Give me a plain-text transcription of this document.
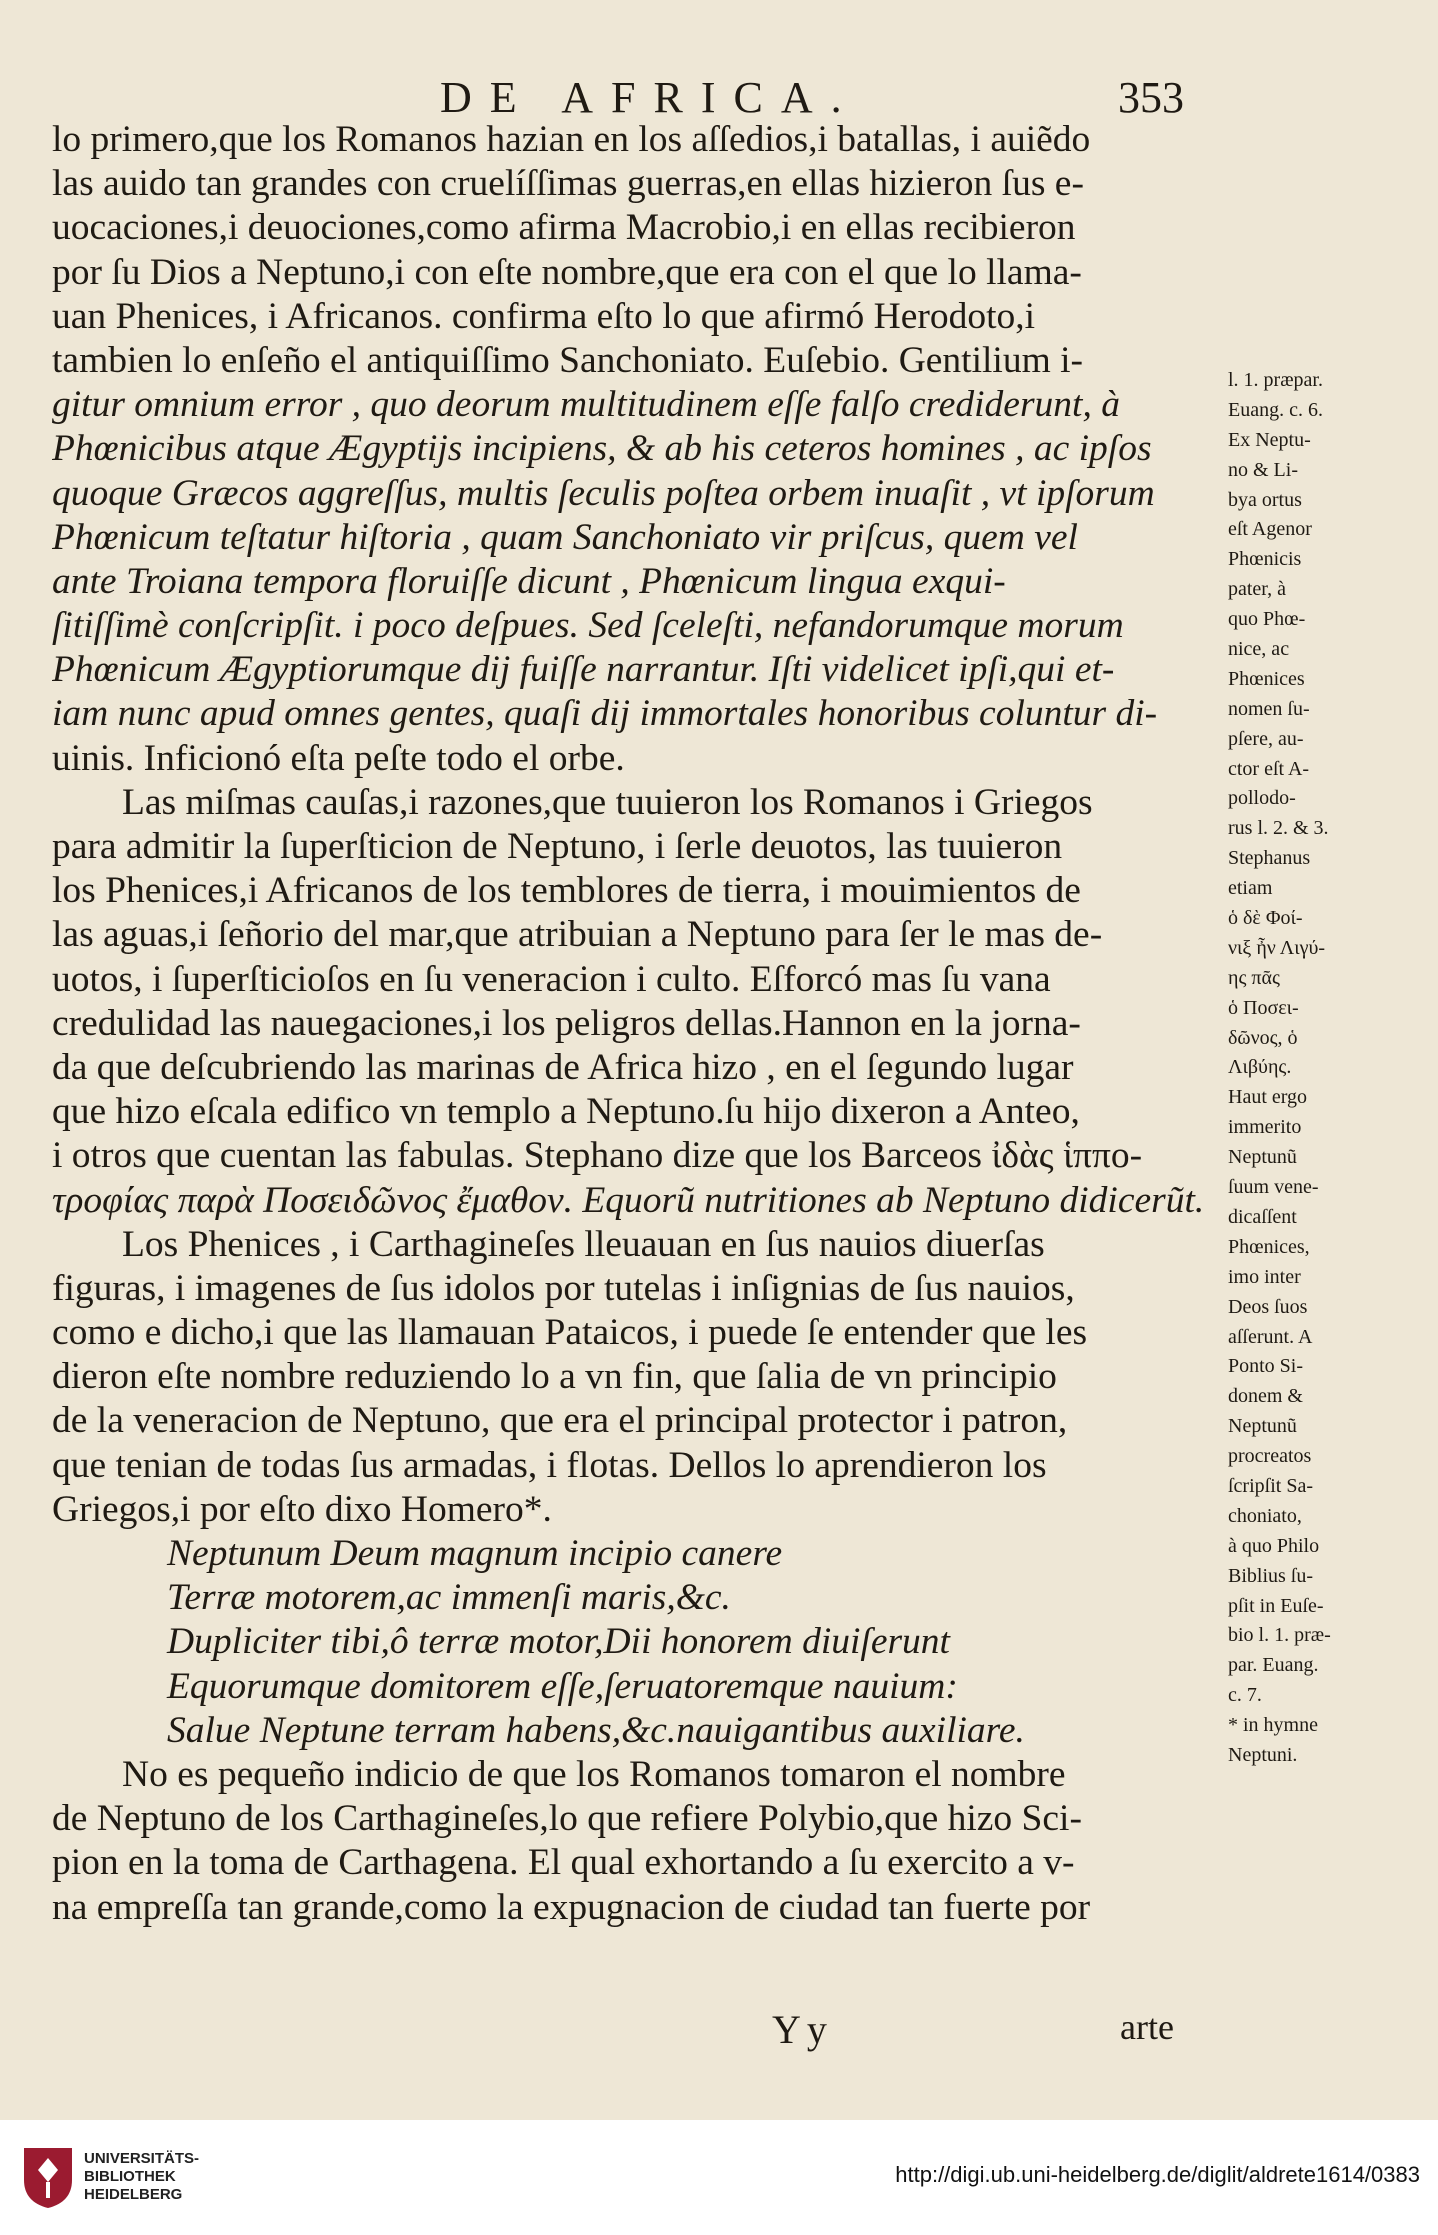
DE AFRICA.	353
lo primero,que los Romanos hazian en los aſſedios,i batallas, i auiẽdo
las auido tan grandes con cruelíſſimas guerras,en ellas hizieron ſus e-
uocaciones,i deuociones,como afirma Macrobio,i en ellas recibieron
por ſu Dios a Neptuno,i con eſte nombre,que era con el que lo llama-
uan Phenices, i Africanos. confirma eſto lo que afirmó Herodoto,i
tambien lo enſeño el antiquiſſimo Sanchoniato. Euſebio. Gentilium i-
gitur omnium error , quo deorum multitudinem eſſe falſo crediderunt, à
Phœnicibus atque Ægyptijs incipiens, & ab his ceteros homines , ac ipſos
quoque Græcos aggreſſus, multis ſeculis poſtea orbem inuaſit , vt ipſorum
Phœnicum teſtatur hiſtoria , quam Sanchoniato vir priſcus, quem vel
ante Troiana tempora floruiſſe dicunt , Phœnicum lingua exqui-
ſitiſſimè conſcripſit. i poco deſpues. Sed ſceleſti, nefandorumque morum
Phœnicum Ægyptiorumque dij fuiſſe narrantur. Iſti videlicet ipſi,qui et-
iam nunc apud omnes gentes, quaſi dij immortales honoribus coluntur di-
uinis. Inficionó eſta peſte todo el orbe.
Las miſmas cauſas,i razones,que tuuieron los Romanos i Griegos
para admitir la ſuperſticion de Neptuno, i ſerle deuotos, las tuuieron
los Phenices,i Africanos de los temblores de tierra, i mouimientos de
las aguas,i ſeñorio del mar,que atribuian a Neptuno para ſer le mas de-
uotos, i ſuperſticioſos en ſu veneracion i culto. Eſforcó mas ſu vana
credulidad las nauegaciones,i los peligros dellas.Hannon en la jorna-
da que deſcubriendo las marinas de Africa hizo , en el ſegundo lugar
que hizo eſcala edifico vn templo a Neptuno.ſu hijo dixeron a Anteo,
i otros que cuentan las fabulas. Stephano dize que los Barceos ἰδὰς ἱππο-
τροφίας παρὰ Ποσειδῶνος ἔμαθον. Equorũ nutritiones ab Neptuno didicerũt.
Los Phenices , i Carthagineſes lleuauan en ſus nauios diuerſas
figuras, i imagenes de ſus idolos por tutelas i inſignias de ſus nauios,
como e dicho,i que las llamauan Pataicos, i puede ſe entender que les
dieron eſte nombre reduziendo lo a vn fin, que ſalia de vn principio
de la veneracion de Neptuno, que era el principal protector i patron,
que tenian de todas ſus armadas, i flotas. Dellos lo aprendieron los
Griegos,i por eſto dixo Homero*.
Neptunum Deum magnum incipio canere
Terræ motorem,ac immenſi maris,&c.
Dupliciter tibi,ô terræ motor,Dii honorem diuiſerunt
Equorumque domitorem eſſe,ſeruatoremque nauium:
Salue Neptune terram habens,&c.nauigantibus auxiliare.
No es pequeño indicio de que los Romanos tomaron el nombre
de Neptuno de los Carthagineſes,lo que refiere Polybio,que hizo Sci-
pion en la toma de Carthagena. El qual exhortando a ſu exercito a v-
na empreſſa tan grande,como la expugnacion de ciudad tan fuerte por
l. 1. præpar.
Euang. c. 6.
Ex Neptu-
no & Li-
bya ortus
eſt Agenor
Phœnicis
pater, à
quo Phœ-
nice, ac
Phœnices
nomen ſu-
pſere, au-
ctor eſt A-
pollodo-
rus l. 2. & 3.
Stephanus
etiam
ὁ δὲ Φοί-
νιξ ἦν Λιγύ-
ης πᾶς
ὁ Ποσει-
δῶνος, ὁ
Λιβύης.
Haut ergo
immerito
Neptunũ
ſuum vene-
dicaſſent
Phœnices,
imo inter
Deos ſuos
aſſerunt. A
Ponto Si-
donem &
Neptunũ
procreatos
ſcripſit Sa-
choniato,
à quo Philo
Biblius ſu-
pſit in Euſe-
bio l. 1. præ-
par. Euang.
c. 7.
* in hymne
Neptuni.
Yy	arte
UNIVERSITÄTS-
BIBLIOTHEK
HEIDELBERG
http://digi.ub.uni-heidelberg.de/diglit/aldrete1614/0383
